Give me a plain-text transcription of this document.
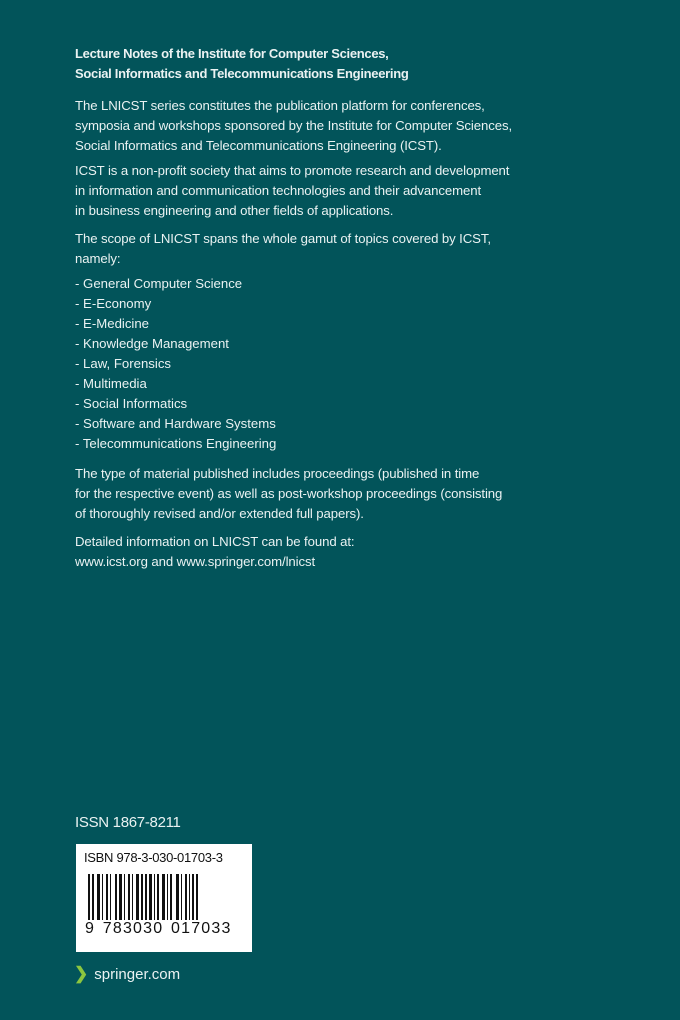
Lecture Notes of the Institute for Computer Sciences,
Social Informatics and Telecommunications Engineering

The LNICST series constitutes the publication platform for conferences,
symposia and workshops sponsored by the Institute for Computer Sciences,
Social Informatics and Telecommunications Engineering (ICST).

ICST is a non-profit society that aims to promote research and development
in information and communication technologies and their advancement
in business engineering and other fields of applications.

The scope of LNICST spans the whole gamut of topics covered by ICST,
namely:

- General Computer Science
- E-Economy
- E-Medicine
- Knowledge Management
- Law, Forensics
- Multimedia
- Social Informatics
- Software and Hardware Systems
- Telecommunications Engineering

The type of material published includes proceedings (published in time
for the respective event) as well as post-workshop proceedings (consisting
of thoroughly revised and/or extended full papers).

Detailed information on LNICST can be found at:
www.icst.org and www.springer.com/lnicst

ISSN 1867-8211
ISBN 978-3-030-01703-3
9 783030 017033
❯ springer.com
